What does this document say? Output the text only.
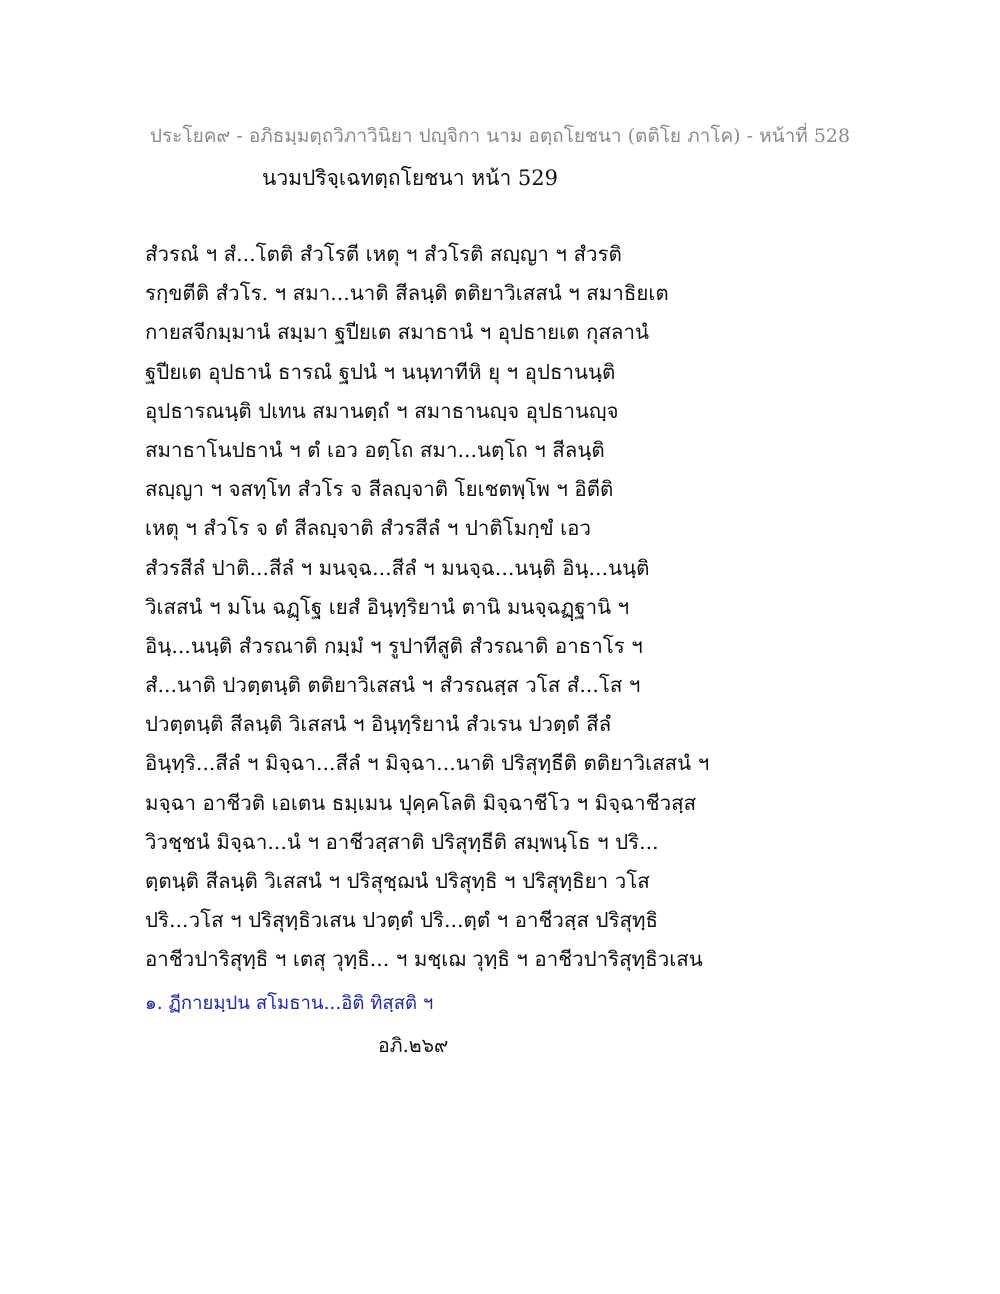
ประโยค๙ - อภิธมฺมตฺถวิภาวินิยา ปญฺจิกา นาม อตฺถโยชนา (ตติโย ภาโค) - หน้าที่ 528
นวมปริจฺเฉทตฺถโยชนา หน้า 529
สํวรณํ ฯ สํ...โตติ สํวโรตี เหตุ ฯ สํวโรติ สญฺญา ฯ สํวรติ
รกฺขตีติ สํวโร. ฯ สมา...นาติ สีลนฺติ ตติยาวิเสสนํ ฯ สมาธิยเต
กายสจีกมฺมานํ สมฺมา ฐปียเต สมาธานํ ฯ อุปธายเต กุสลานํ
ฐปียเต อุปธานํ ธารณํ ฐปนํ ฯ นนฺทาทีหิ ยุ ฯ อุปธานนฺติ
อุปธารณนฺติ ปเทน สมานตฺถํ ฯ สมาธานญฺจ อุปธานญฺจ
สมาธาโนปธานํ ฯ ตํ เอว อตฺโถ สมา...นตฺโถ ฯ สีลนฺติ
สญฺญา ฯ จสทฺโท สํวโร จ สีลญฺจาติ โยเชตพฺโพ ฯ อิตีติ
เหตุ ฯ สํวโร จ ตํ สีลญฺจาติ สํวรสีลํ ฯ ปาติโมกฺขํ เอว
สํวรสีลํ ปาติ...สีลํ ฯ มนจฺฉ...สีลํ ฯ มนจฺฉ...นนฺติ อินฺ...นนฺติ
วิเสสนํ ฯ มโน ฉฏฺโฐ เยสํ อินฺทฺริยานํ ตานิ มนจฺฉฏฺฐานิ ฯ
อินฺ...นนฺติ สํวรณาติ กมฺมํ ฯ รูปาทีสูติ สํวรณาติ อาธาโร ฯ
สํ...นาติ ปวตฺตนฺติ ตติยาวิเสสนํ ฯ สํวรณสฺส วโส สํ...โส ฯ
ปวตฺตนฺติ สีลนฺติ วิเสสนํ ฯ อินฺทฺริยานํ สํวเรน ปวตฺตํ สีลํ
อินฺทฺริ...สีลํ ฯ มิจฺฉา...สีลํ ฯ มิจฺฉา...นาติ ปริสุทฺธีติ ตติยาวิเสสนํ ฯ
มจฺฉา อาชีวติ เอเตน ธมฺเมน ปุคฺคโลติ มิจฺฉาชีโว ฯ มิจฺฉาชีวสฺส
วิวชฺชนํ มิจฺฉา...นํ ฯ อาชีวสฺสาติ ปริสุทฺธีติ สมฺพนฺโธ ฯ ปริ...
ตฺตนฺติ สีลนฺติ วิเสสนํ ฯ ปริสุชฺฌนํ ปริสุทฺธิ ฯ ปริสุทฺธิยา วโส
ปริ...วโส ฯ ปริสุทฺธิวเสน ปวตฺตํ ปริ...ตฺตํ ฯ อาชีวสฺส ปริสุทฺธิ
อาชีวปาริสุทฺธิ ฯ เตสุ วุทฺธิ... ฯ มชฺเฌ วุทฺธิ ฯ อาชีวปาริสุทฺธิวเสน
๑. ฏีกายมฺปน สโมธาน...อิติ ทิสฺสติ ฯ
อภิ.๒๖๙
